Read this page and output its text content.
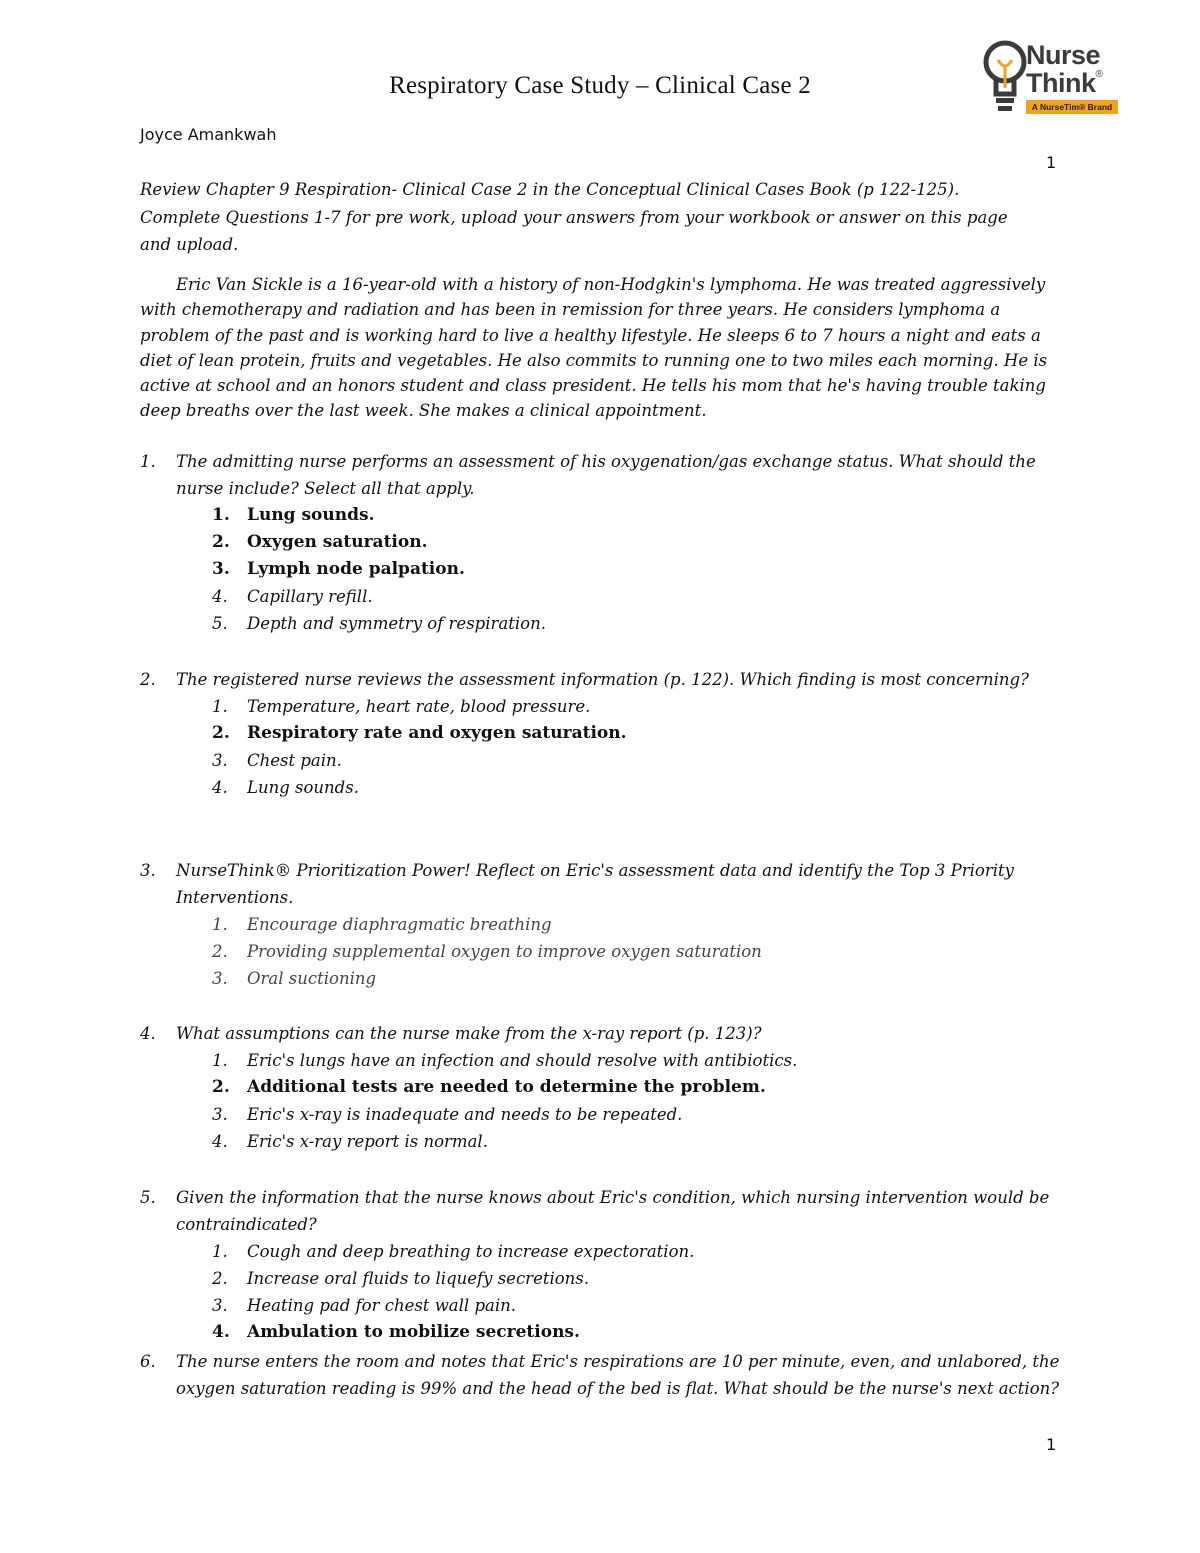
Respiratory Case Study – Clinical Case 2
Nurse
Think®
A NurseTim® Brand
Joyce Amankwah
1
Review Chapter 9 Respiration- Clinical Case 2 in the Conceptual Clinical Cases Book (p 122-125). Complete Questions 1-7 for pre work, upload your answers from your workbook or answer on this page and upload.
Eric Van Sickle is a 16-year-old with a history of non-Hodgkin's lymphoma. He was treated aggressively with chemotherapy and radiation and has been in remission for three years. He considers lymphoma a problem of the past and is working hard to live a healthy lifestyle. He sleeps 6 to 7 hours a night and eats a diet of lean protein, fruits and vegetables. He also commits to running one to two miles each morning. He is active at school and an honors student and class president. He tells his mom that he's having trouble taking deep breaths over the last week. She makes a clinical appointment.
1. The admitting nurse performs an assessment of his oxygenation/gas exchange status. What should the nurse include? Select all that apply.
1. Lung sounds.
2. Oxygen saturation.
3. Lymph node palpation.
4. Capillary refill.
5. Depth and symmetry of respiration.
2. The registered nurse reviews the assessment information (p. 122). Which finding is most concerning?
1. Temperature, heart rate, blood pressure.
2. Respiratory rate and oxygen saturation.
3. Chest pain.
4. Lung sounds.
3. NurseThink® Prioritization Power! Reflect on Eric's assessment data and identify the Top 3 Priority Interventions.
1. Encourage diaphragmatic breathing
2. Providing supplemental oxygen to improve oxygen saturation
3. Oral suctioning
4. What assumptions can the nurse make from the x-ray report (p. 123)?
1. Eric's lungs have an infection and should resolve with antibiotics.
2. Additional tests are needed to determine the problem.
3. Eric's x-ray is inadequate and needs to be repeated.
4. Eric's x-ray report is normal.
5. Given the information that the nurse knows about Eric's condition, which nursing intervention would be contraindicated?
1. Cough and deep breathing to increase expectoration.
2. Increase oral fluids to liquefy secretions.
3. Heating pad for chest wall pain.
4. Ambulation to mobilize secretions.
6. The nurse enters the room and notes that Eric's respirations are 10 per minute, even, and unlabored, the oxygen saturation reading is 99% and the head of the bed is flat. What should be the nurse's next action?
1
